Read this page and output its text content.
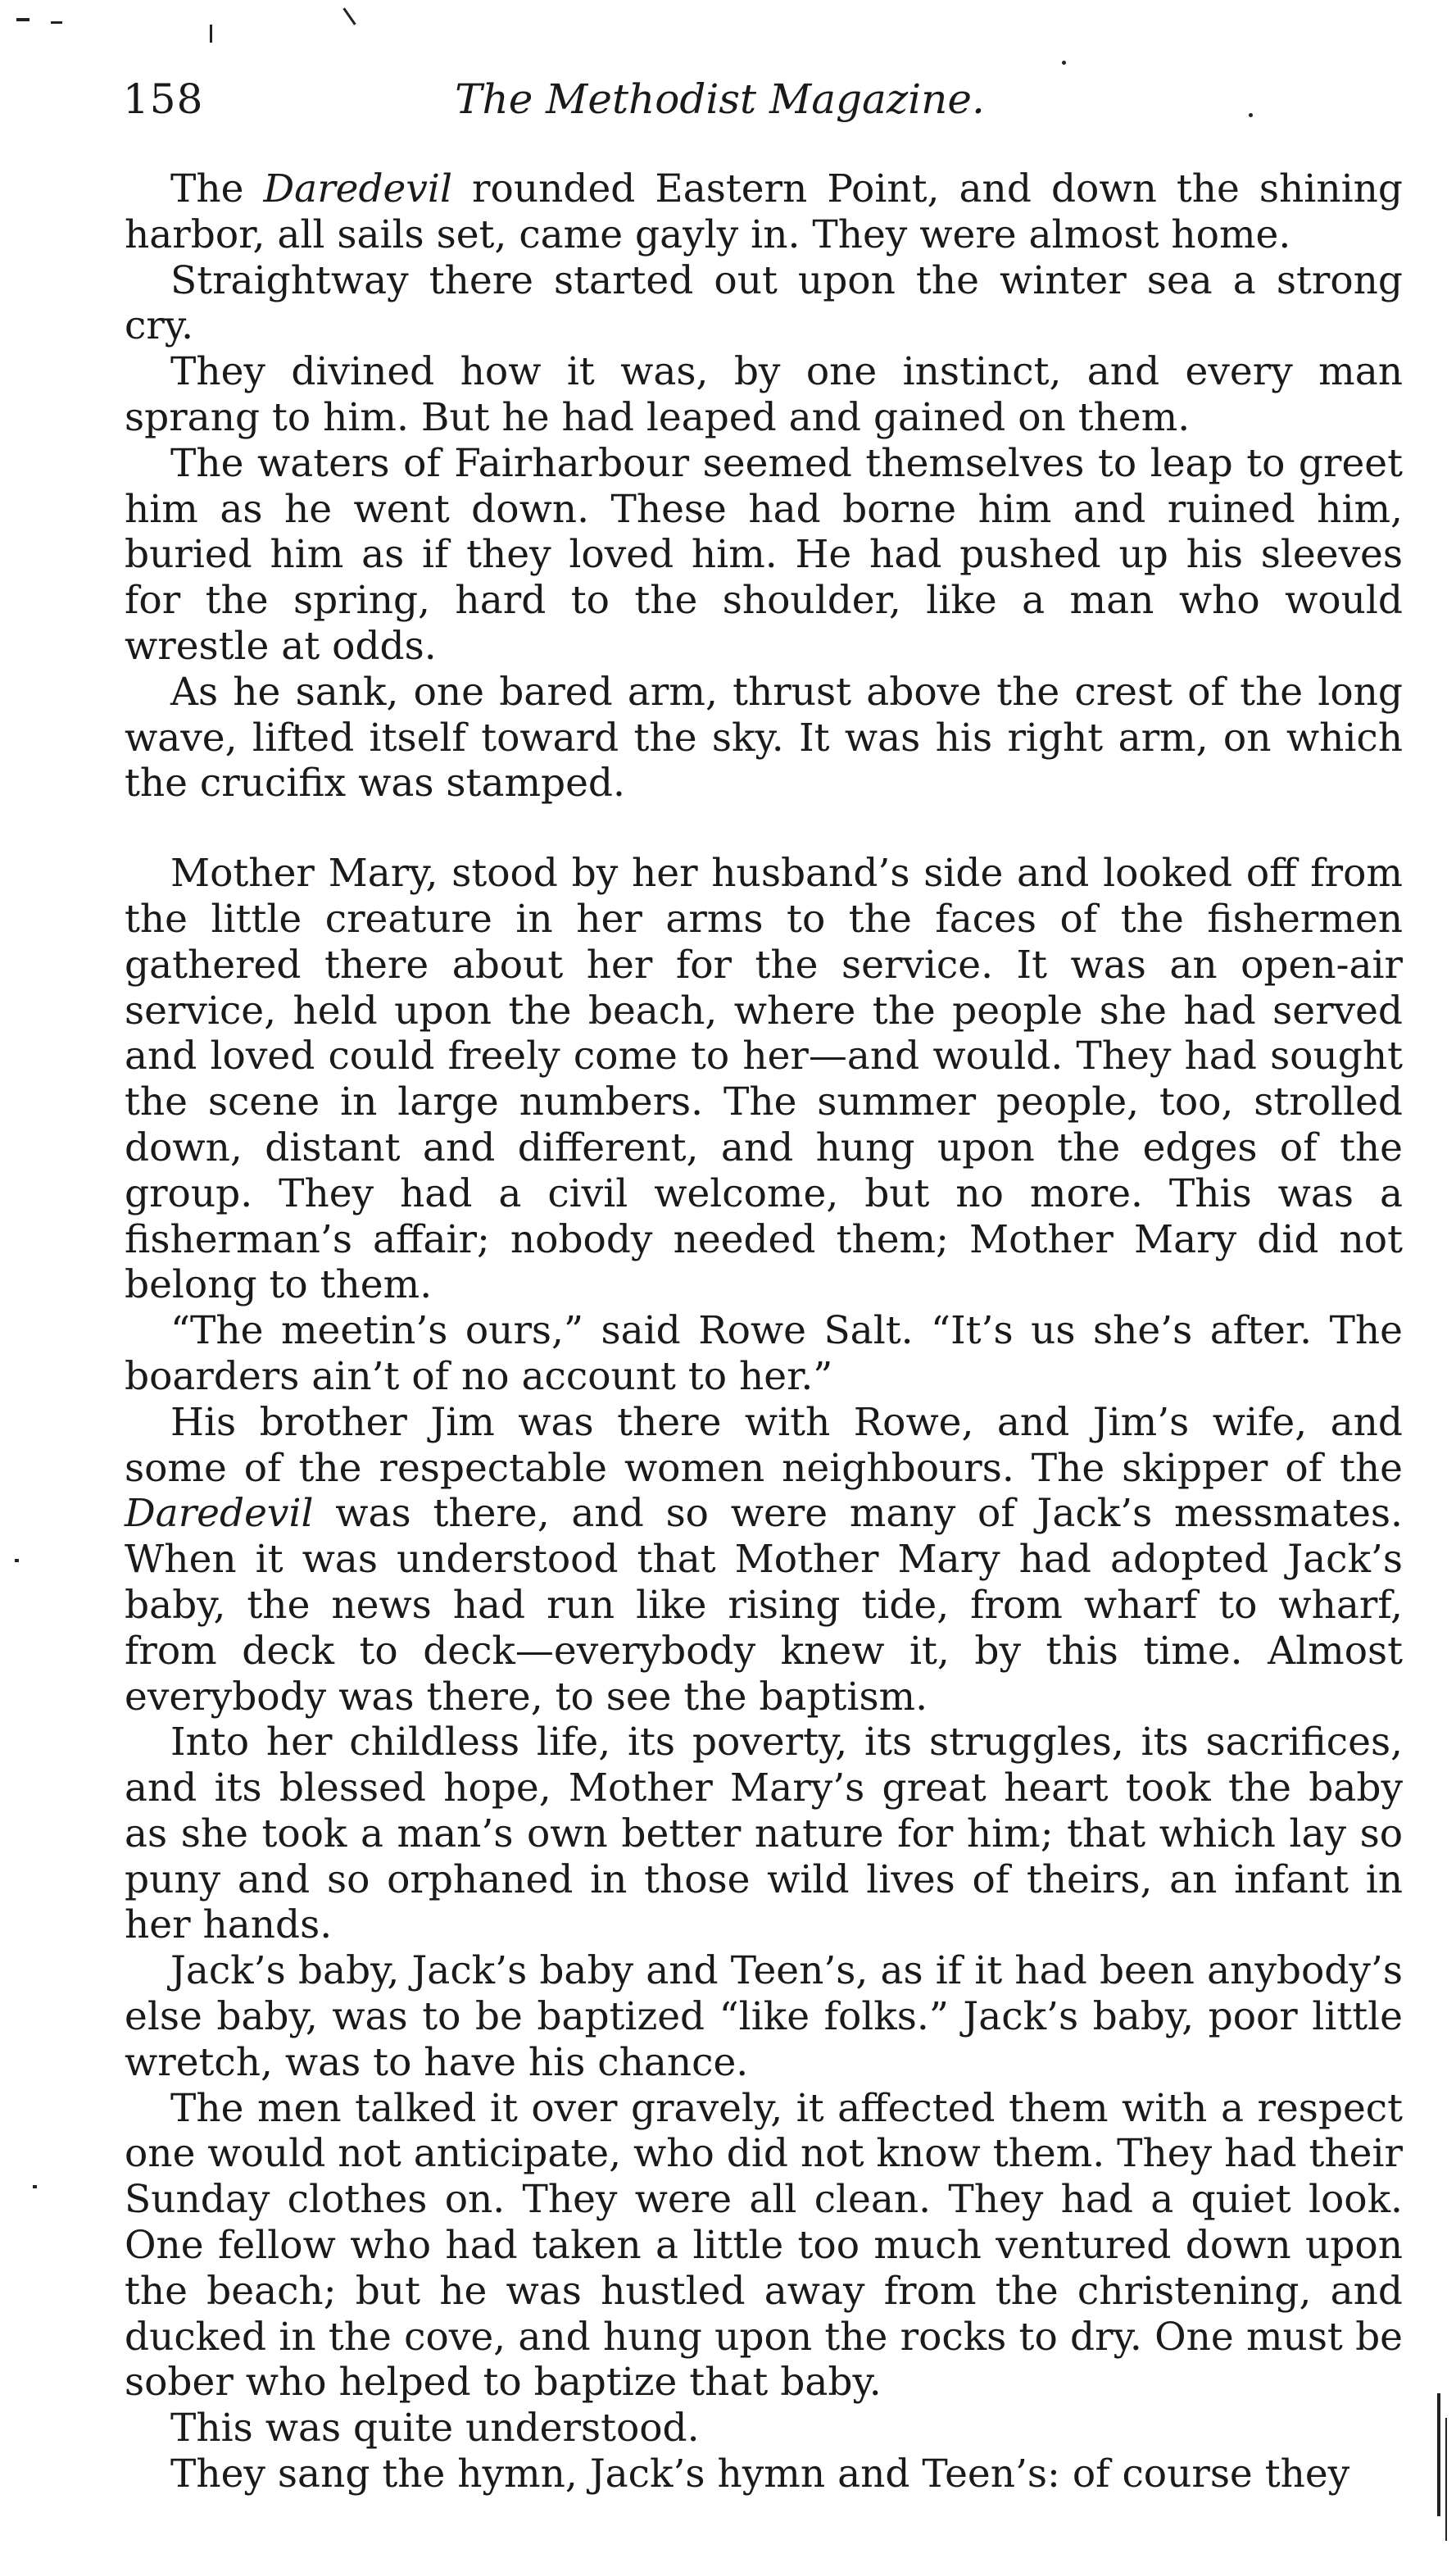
158	The Methodist Magazine.

The Daredevil rounded Eastern Point, and down the shining harbor, all sails set, came gayly in. They were almost home.

Straightway there started out upon the winter sea a strong cry.

They divined how it was, by one instinct, and every man sprang to him. But he had leaped and gained on them.

The waters of Fairharbour seemed themselves to leap to greet him as he went down. These had borne him and ruined him, buried him as if they loved him. He had pushed up his sleeves for the spring, hard to the shoulder, like a man who would wrestle at odds.

As he sank, one bared arm, thrust above the crest of the long wave, lifted itself toward the sky. It was his right arm, on which the crucifix was stamped.

Mother Mary, stood by her husband’s side and looked off from the little creature in her arms to the faces of the fishermen gathered there about her for the service. It was an open-air service, held upon the beach, where the people she had served and loved could freely come to her—and would. They had sought the scene in large numbers. The summer people, too, strolled down, distant and different, and hung upon the edges of the group. They had a civil welcome, but no more. This was a fisherman’s affair; nobody needed them; Mother Mary did not belong to them.

“The meetin’s ours,” said Rowe Salt. “It’s us she’s after. The boarders ain’t of no account to her.”

His brother Jim was there with Rowe, and Jim’s wife, and some of the respectable women neighbours. The skipper of the Daredevil was there, and so were many of Jack’s messmates. When it was understood that Mother Mary had adopted Jack’s baby, the news had run like rising tide, from wharf to wharf, from deck to deck—everybody knew it, by this time. Almost everybody was there, to see the baptism.

Into her childless life, its poverty, its struggles, its sacrifices, and its blessed hope, Mother Mary’s great heart took the baby as she took a man’s own better nature for him; that which lay so puny and so orphaned in those wild lives of theirs, an infant in her hands.

Jack’s baby, Jack’s baby and Teen’s, as if it had been anybody’s else baby, was to be baptized “like folks.” Jack’s baby, poor little wretch, was to have his chance.

The men talked it over gravely, it affected them with a respect one would not anticipate, who did not know them. They had their Sunday clothes on. They were all clean. They had a quiet look. One fellow who had taken a little too much ventured down upon the beach; but he was hustled away from the christening, and ducked in the cove, and hung upon the rocks to dry. One must be sober who helped to baptize that baby.

This was quite understood.

They sang the hymn, Jack’s hymn and Teen’s: of course they
